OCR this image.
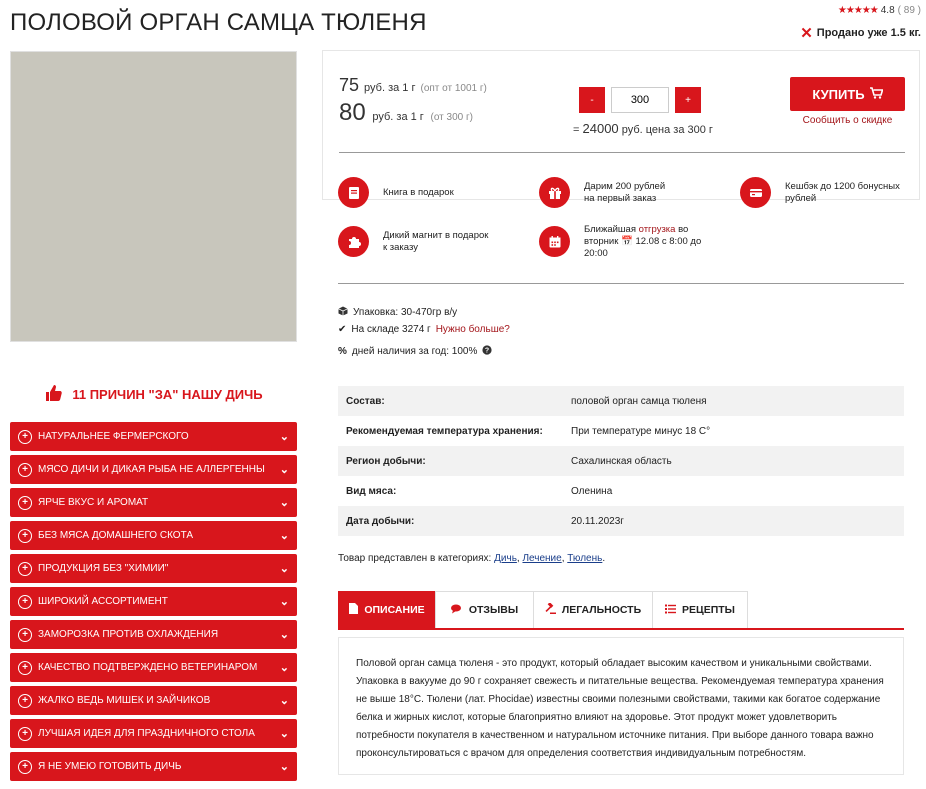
ПОЛОВОЙ ОРГАН САМЦА ТЮЛЕНЯ	★★★★★ 4.8 ( 89 )
✕ Продано уже 1.5 кг.
11 ПРИЧИН "ЗА" НАШУ ДИЧЬ
+	НАТУРАЛЬНЕЕ ФЕРМЕРСКОГО	⌄
+	МЯСО ДИЧИ И ДИКАЯ РЫБА НЕ АЛЛЕРГЕННЫ	⌄
+	ЯРЧЕ ВКУС И АРОМАТ	⌄
+	БЕЗ МЯСА ДОМАШНЕГО СКОТА	⌄
+	ПРОДУКЦИЯ БЕЗ "ХИМИИ"	⌄
+	ШИРОКИЙ АССОРТИМЕНТ	⌄
+	ЗАМОРОЗКА ПРОТИВ ОХЛАЖДЕНИЯ	⌄
+	КАЧЕСТВО ПОДТВЕРЖДЕНО ВЕТЕРИНАРОМ	⌄
+	ЖАЛКО ВЕДЬ МИШЕК И ЗАЙЧИКОВ	⌄
+	ЛУЧШАЯ ИДЕЯ ДЛЯ ПРАЗДНИЧНОГО СТОЛА	⌄
+	Я НЕ УМЕЮ ГОТОВИТЬ ДИЧЬ	⌄
75 руб. за 1 г (опт от 1001 г)
80 руб. за 1 г (от 300 г)
-
300	+
= 24000 руб. цена за 300 г
КУПИТЬ
Сообщить о скидке
Книга в подарок
Дарим 200 рублей
на первый заказ
Кешбэк до 1200 бонусных
рублей
Дикий магнит в подарок
к заказу
Ближайшая отгрузка во
вторник 📅 12.08 с 8:00 до
20:00
Упаковка: 30-470гр в/у
✔ На складе 3274 г Нужно больше?
% дней наличия за год: 100% ?
Состав:	половой орган самца тюленя
Рекомендуемая температура хранения:	При температуре минус 18 С°
Регион добычи:	Сахалинская область
Вид мяса:	Оленина
Дата добычи:	20.11.2023г
Товар представлен в категориях: Дичь, Лечение, Тюлень.
ОПИСАНИЕ	ОТЗЫВЫ	ЛЕГАЛЬНОСТЬ	РЕЦЕПТЫ
Половой орган самца тюленя - это продукт, который обладает высоким качеством и уникальными свойствами. Упаковка в вакууме до 90 г сохраняет свежесть и питательные вещества. Рекомендуемая температура хранения не выше 18°С. Тюлени (лат. Phocidae) известны своими полезными свойствами, такими как богатое содержание белка и жирных кислот, которые благоприятно влияют на здоровье. Этот продукт может удовлетворить потребности покупателя в качественном и натуральном источнике питания. При выборе данного товара важно проконсультироваться с врачом для определения соответствия индивидуальным потребностям.
